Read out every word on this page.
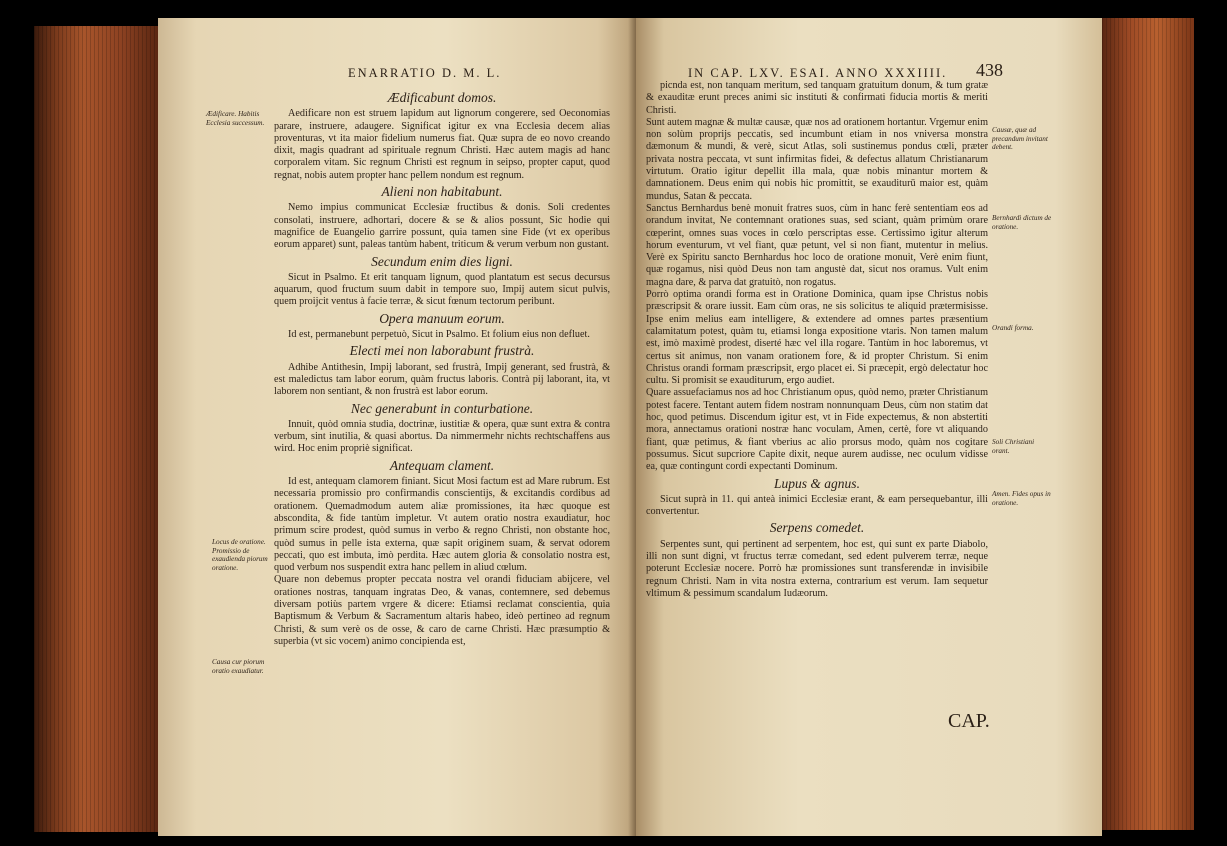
ENARRATIO D. M. L.
Ædificabunt domos.

Aedificare non est struem lapidum aut lignorum congerere, sed Oeconomias parare, instruere, adaugere. Significat igitur ex vna Ecclesia decem alias proventuras, vt ita maior fidelium numerus fiat. Quæ supra de eo novo creando dixit, magis quadrant ad spirituale regnum Christi. Hæc autem magis ad hanc corporalem vitam. Sic regnum Christi est regnum in seipso, propter caput, quod regnat, nobis autem propter hanc pellem nondum est regnum.

Alieni non habitabunt.

Nemo impius communicat Ecclesiæ fructibus & donis. Soli credentes consolati, instruere, adhortari, docere & se & alios possunt, Sic hodie qui magnifice de Euangelio garrire possunt, quia tamen sine Fide (vt ex operibus eorum apparet) sunt, paleas tantùm habent, triticum & verum verbum non gustant.

Secundum enim dies ligni.

Sicut in Psalmo. Et erit tanquam lignum, quod plantatum est secus decursus aquarum, quod fructum suum dabit in tempore suo, Impij autem sicut pulvis, quem proijcit ventus à facie terræ, & sicut fœnum tectorum peribunt.

Opera manuum eorum.

Id est, permanebunt perpetuò, Sicut in Psalmo. Et folium eius non defluet.

Electi mei non laborabunt frustrà.

Adhibe Antithesin, Impij laborant, sed frustrà, Impij generant, sed frustrà, & est maledictus tam labor eorum, quàm fructus laboris. Contrà pij laborant, ita, vt laborem non sentiant, & non frustrà est labor eorum.

Nec generabunt in conturbatione.

Innuit, quòd omnia studia, doctrinæ, iustitiæ & opera, quæ sunt extra & contra verbum, sint inutilia, & quasi abortus. Da nimmermehr nichts rechtschaffens aus wird. Hoc enim propriè significat.

Antequam clament.

Id est, antequam clamorem finiant. Sicut Mosi factum est ad Mare rubrum. Est necessaria promissio pro confirmandis conscientijs, & excitandis cordibus ad orationem. Quemadmodum autem aliæ promissiones, ita hæc quoque est abscondita, & fide tantùm impletur. Vt autem oratio nostra exaudiatur, hoc primum scire prodest, quòd sumus in verbo & regno Christi, non obstante hoc, quòd sumus in pelle ista externa, quæ sapit originem suam, & servat odorem peccati, quo est imbuta, imò perdita. Hæc autem gloria & consolatio nostra est, quod verbum nos suspendit extra hanc pellem in aliud cœlum.
Quare non debemus propter peccata nostra vel orandi fiduciam abijcere, vel orationes nostras, tanquam ingratas Deo, & vanas, contemnere, sed debemus diversam potiùs partem vrgere & dicere: Etiamsi reclamat conscientia, quia Baptismum & Verbum & Sacramentum altaris habeo, ideò pertineo ad regnum Christi, & sum verè os de osse, & caro de carne Christi. Hæc præsumptio & superbia (vt sic vocem) animo concipienda est,

Ædificare. Habitis Ecclesia successum.
Locus de oratione. Promissio de exaudienda piorum oratione.
Causa cur piorum oratio exaudiatur.
IN CAP. LXV. ESAI. ANNO XXXIIII. 438

picnda est, non tanquam meritum, sed tanquam gratuitum donum, & tum gratæ & exauditæ erunt preces animi sic instituti & confirmati fiducia mortis & meriti Christi.
Sunt autem magnæ & multæ causæ, quæ nos ad orationem hortantur. Vrgemur enim non solùm proprijs peccatis, sed incumbunt etiam in nos vniversa monstra dæmonum & mundi, & verè, sicut Atlas, soli sustinemus pondus cœli, præter privata nostra peccata, vt sunt infirmitas fidei, & defectus allatum Christianarum virtutum. Oratio igitur depellit illa mala, quæ nobis minantur mortem & damnationem. Deus enim qui nobis hic promittit, se exauditurū maior est, quàm mundus, Satan & peccata.
Sanctus Bernhardus benè monuit fratres suos, cùm in hanc ferè sententiam eos ad orandum invitat, Ne contemnant orationes suas, sed sciant, quàm primùm orare cœperint, omnes suas voces in cœlo perscriptas esse. Certissimo igitur alterum horum eventurum, vt vel fiant, quæ petunt, vel si non fiant, mutentur in melius. Verè ex Spiritu sancto Bernhardus hoc loco de oratione monuit, Verè enim fiunt, quæ rogamus, nisi quòd Deus non tam angustè dat, sicut nos oramus. Vult enim magna dare, & parva dat gratuitò, non rogatus.
Porrò optima orandi forma est in Oratione Dominica, quam ipse Christus nobis præscripsit & orare iussit. Eam cùm oras, ne sis solicitus te aliquid prætermisisse. Ipse enim melius eam intelligere, & extendere ad omnes partes præsentium calamitatum potest, quàm tu, etiamsi longa expositione vtaris. Non tamen malum est, imò maximè prodest, diserté hæc vel illa rogare. Tantùm in hoc laboremus, vt certus sit animus, non vanam orationem fore, & id propter Christum. Si enim Christus orandi formam præscripsit, ergo placet ei. Si præcepit, ergò delectatur hoc cultu. Si promisit se exauditurum, ergo audiet.
Quare assuefaciamus nos ad hoc Christianum opus, quòd nemo, præter Christianum potest facere. Tentant autem fidem nostram nonnunquam Deus, cùm non statim dat hoc, quod petimus. Discendum igitur est, vt in Fide expectemus, & non abstertiti mora, annectamus orationi nostræ hanc voculam, Amen, certè, fore vt aliquando fiant, quæ petimus, & fiant vberius ac alio prorsus modo, quàm nos cogitare possumus. Sicut supcriore Capite dixit, neque aurem audisse, nec oculum vidisse ea, quæ contingunt cordi expectanti Dominum.

Lupus & agnus.

Sicut suprà in 11. qui anteà inimici Ecclesiæ erant, & eam persequebantur, illi convertentur.

Serpens comedet.

Serpentes sunt, qui pertinent ad serpentem, hoc est, qui sunt ex parte Diabolo, illi non sunt digni, vt fructus terræ comedant, sed edent pulverem terræ, neque poterunt Ecclesiæ nocere. Porrò hæ promissiones sunt transferendæ in invisibile regnum Christi. Nam in vita nostra externa, contrarium est verum. Iam sequetur vltimum & pessimum scandalum Iudæorum.

Causæ, quæ ad precandum invitant debent.
Bernhardi dictum de oratione.
Orandi forma.
Soli Christiani orant.
Amen. Fides opus in oratione.
CAP.
